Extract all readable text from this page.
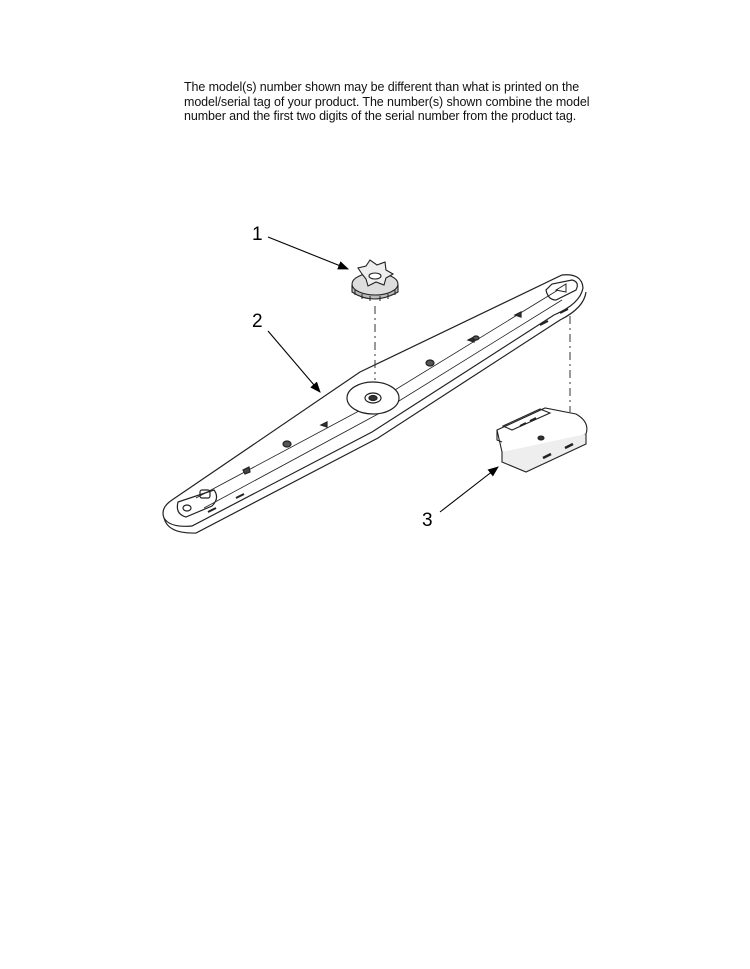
The model(s) number shown may be different than what is printed on the
model/serial tag of your product. The number(s) shown combine the model
number and the first two digits of the serial number from the product tag.
1
2
3
